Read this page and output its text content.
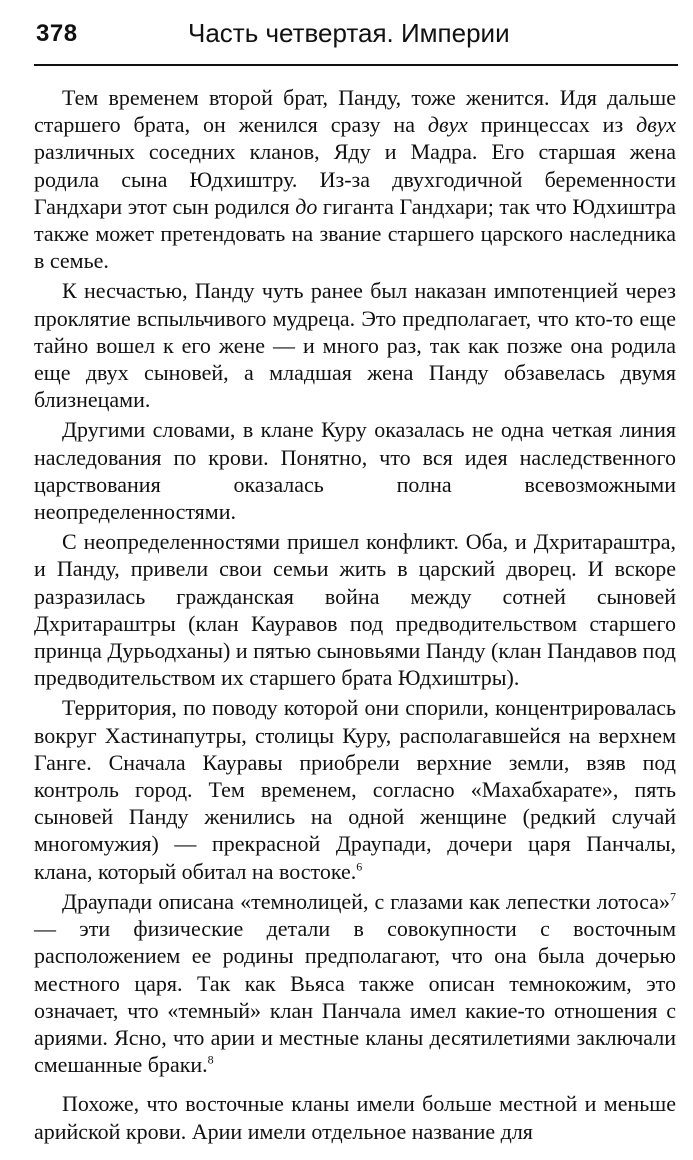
378	Часть четвертая. Империи

Тем временем второй брат, Панду, тоже женится. Идя дальше старшего брата, он женился сразу на двух принцессах из двух различных соседних кланов, Яду и Мадра. Его старшая жена родила сына Юдхиштру. Из-за двухгодичной беременности Гандхари этот сын родился до гиганта Гандхари; так что Юдхиштра также может претендовать на звание старшего царского наследника в семье.

К несчастью, Панду чуть ранее был наказан импотенцией через проклятие вспыльчивого мудреца. Это предполагает, что кто-то еще тайно вошел к его жене — и много раз, так как позже она родила еще двух сыновей, а младшая жена Панду обзавелась двумя близнецами.

Другими словами, в клане Куру оказалась не одна четкая линия наследования по крови. Понятно, что вся идея наследственного царствования оказалась полна всевозможными неопределенностями.

С неопределенностями пришел конфликт. Оба, и Дхритараштра, и Панду, привели свои семьи жить в царский дворец. И вскоре разразилась гражданская война между сотней сыновей Дхритараштры (клан Кауравов под предводительством старшего принца Дурьодханы) и пятью сыновьями Панду (клан Пандавов под предводительством их старшего брата Юдхиштры).

Территория, по поводу которой они спорили, концентрировалась вокруг Хастинапутры, столицы Куру, располагавшейся на верхнем Ганге. Сначала Кауравы приобрели верхние земли, взяв под контроль город. Тем временем, согласно «Махабхарате», пять сыновей Панду женились на одной женщине (редкий случай многомужия) — прекрасной Драупади, дочери царя Панчалы, клана, который обитал на востоке.$^6$

Драупади описана «темнолицей, с глазами как лепестки лотоса»$^7$ — эти физические детали в совокупности с восточным расположением ее родины предполагают, что она была дочерью местного царя. Так как Вьяса также описан темнокожим, это означает, что «темный» клан Панчала имел какие-то отношения с ариями. Ясно, что арии и местные кланы десятилетиями заключали смешанные браки.$^8$

Похоже, что восточные кланы имели больше местной и меньше арийской крови. Арии имели отдельное название для
